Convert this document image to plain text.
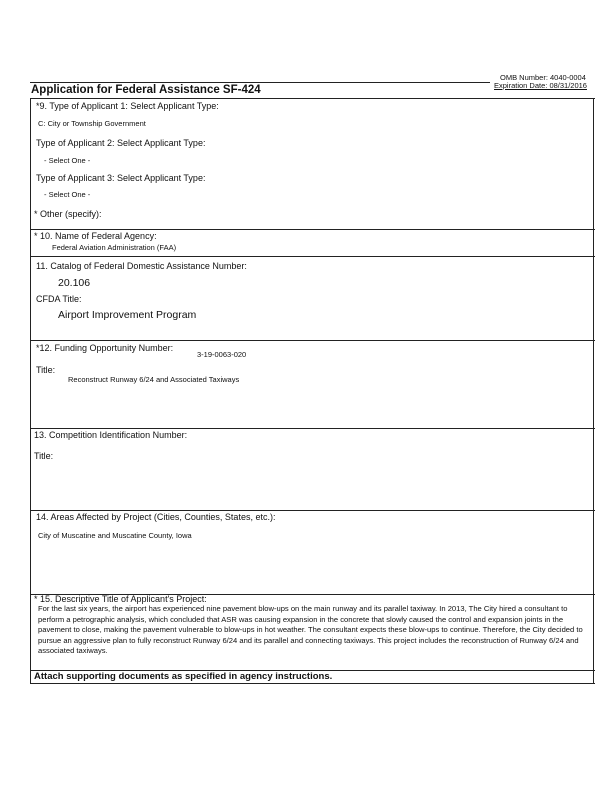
OMB Number: 4040-0004
Expiration Date: 08/31/2016
Application for Federal Assistance SF-424
*9. Type of Applicant 1: Select Applicant Type:
C: City or Township Government
Type of Applicant 2: Select Applicant Type:
- Select One -
Type of Applicant 3: Select Applicant Type:
- Select One -
* Other (specify):
* 10. Name of Federal Agency:
Federal Aviation Administration (FAA)
11. Catalog of Federal Domestic Assistance Number:
20.106
CFDA Title:
Airport Improvement Program
*12. Funding Opportunity Number:
3-19-0063-020
Title:
Reconstruct Runway 6/24 and Associated Taxiways
13. Competition Identification Number:
Title:
14. Areas Affected by Project (Cities, Counties, States, etc.):
City of Muscatine and Muscatine County, Iowa
* 15. Descriptive Title of Applicant's Project:
For the last six years, the airport has experienced nine pavement blow-ups on the main runway and its parallel taxiway. In 2013, The City hired a consultant to perform a petrographic analysis, which concluded that ASR was causing expansion in the concrete that slowly caused the control and expansion joints in the pavement to close, making the pavement vulnerable to blow-ups in hot weather. The consultant expects these blow-ups to continue. Therefore, the City decided to pursue an aggressive plan to fully reconstruct Runway 6/24 and its parallel and connecting taxiways. This project includes the reconstruction of Runway 6/24 and associated taxiways.
Attach supporting documents as specified in agency instructions.
